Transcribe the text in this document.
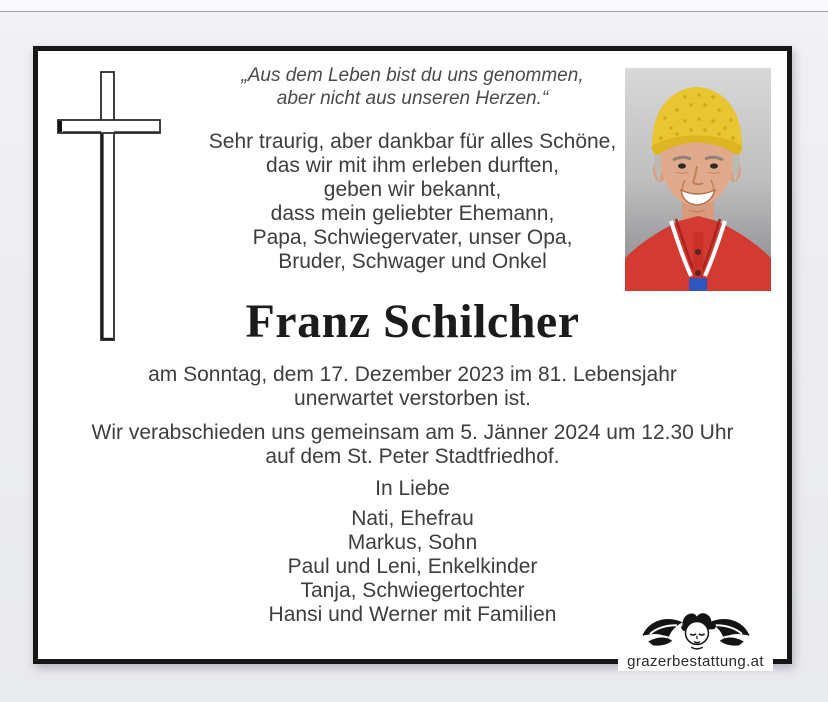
„Aus dem Leben bist du uns genommen,
aber nicht aus unseren Herzen.“
Sehr traurig, aber dankbar für alles Schöne,
das wir mit ihm erleben durften,
geben wir bekannt,
dass mein geliebter Ehemann,
Papa, Schwiegervater, unser Opa,
Bruder, Schwager und Onkel
Franz Schilcher
am Sonntag, dem 17. Dezember 2023 im 81. Lebensjahr
unerwartet verstorben ist.
Wir verabschieden uns gemeinsam am 5. Jänner 2024 um 12.30 Uhr
auf dem St. Peter Stadtfriedhof.
In Liebe
Nati, Ehefrau
Markus, Sohn
Paul und Leni, Enkelkinder
Tanja, Schwiegertochter
Hansi und Werner mit Familien
grazerbestattung.at
